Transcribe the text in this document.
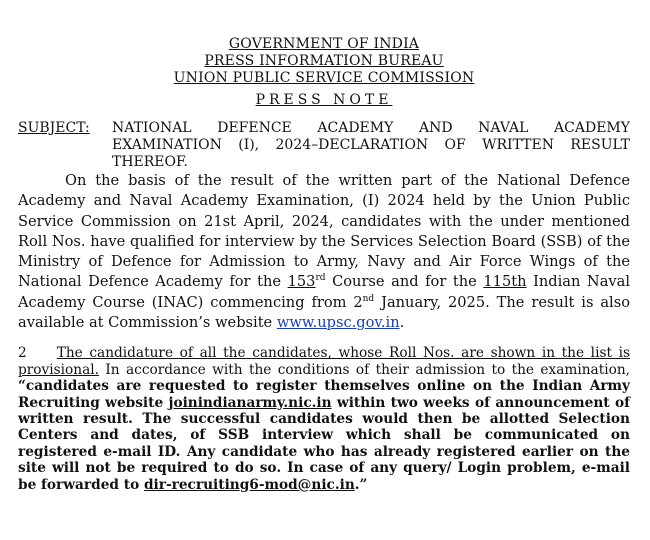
GOVERNMENT OF INDIA
PRESS INFORMATION BUREAU
UNION PUBLIC SERVICE COMMISSION
PRESS NOTE
SUBJECT:	NATIONAL DEFENCE ACADEMY AND NAVAL ACADEMY EXAMINATION (I), 2024–DECLARATION OF WRITTEN RESULT THEREOF.

On the basis of the result of the written part of the National Defence Academy and Naval Academy Examination, (I) 2024 held by the Union Public Service Commission on 21st April, 2024, candidates with the under mentioned Roll Nos. have qualified for interview by the Services Selection Board (SSB) of the Ministry of Defence for Admission to Army, Navy and Air Force Wings of the National Defence Academy for the 153rd Course and for the 115th Indian Naval Academy Course (INAC) commencing from 2nd January, 2025. The result is also available at Commission’s website www.upsc.gov.in.

2 The candidature of all the candidates, whose Roll Nos. are shown in the list is provisional. In accordance with the conditions of their admission to the examination, “candidates are requested to register themselves online on the Indian Army Recruiting website joinindianarmy.nic.in within two weeks of announcement of written result. The successful candidates would then be allotted Selection Centers and dates, of SSB interview which shall be communicated on registered e-mail ID. Any candidate who has already registered earlier on the site will not be required to do so. In case of any query/ Login problem, e-mail be forwarded to dir-recruiting6-mod@nic.in.”
